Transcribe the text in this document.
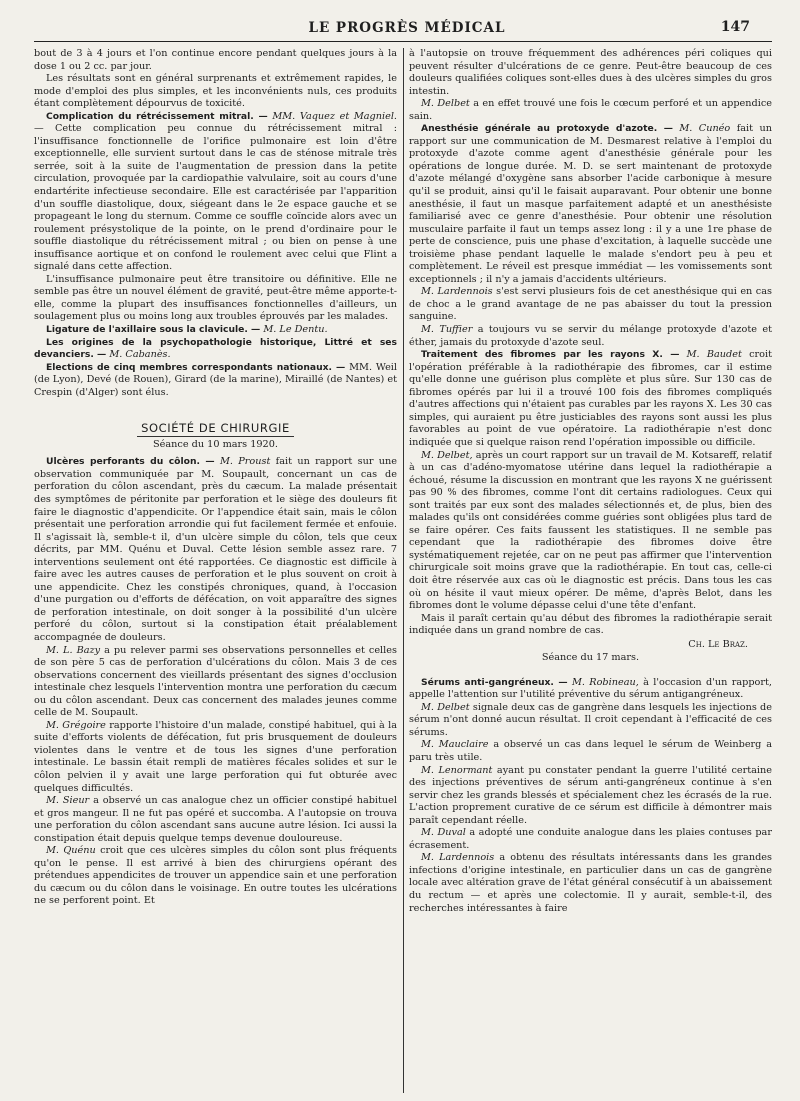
LE PROGRÈS MÉDICAL	147

bout de 3 à 4 jours et l'on continue encore pendant quelques jours à la dose 1 ou 2 cc. par jour.

Les résultats sont en général surprenants et extrêmement rapides, le mode d'emploi des plus simples, et les inconvénients nuls, ces produits étant complètement dépourvus de toxicité.

Complication du rétrécissement mitral. — MM. Vaquez et Magniel. — Cette complication peu connue du rétrécissement mitral : l'insuffisance fonctionnelle de l'orifice pulmonaire est loin d'être exceptionnelle, elle survient surtout dans le cas de sténose mitrale très serrée, soit à la suite de l'augmentation de pression dans la petite circulation, provoquée par la cardiopathie valvulaire, soit au cours d'une endartérite infectieuse secondaire. Elle est caractérisée par l'apparition d'un souffle diastolique, doux, siégeant dans le 2e espace gauche et se propageant le long du sternum. Comme ce souffle coïncide alors avec un roulement présystolique de la pointe, on le prend d'ordinaire pour le souffle diastolique du rétrécissement mitral ; ou bien on pense à une insuffisance aortique et on confond le roulement avec celui que Flint a signalé dans cette affection.

L'insuffisance pulmonaire peut être transitoire ou définitive. Elle ne semble pas être un nouvel élément de gravité, peut-être même apporte-t-elle, comme la plupart des insuffisances fonctionnelles d'ailleurs, un soulagement plus ou moins long aux troubles éprouvés par les malades.

Ligature de l'axillaire sous la clavicule. — M. Le Dentu.

Les origines de la psychopathologie historique, Littré et ses devanciers. — M. Cabanès.

Elections de cinq membres correspondants nationaux. — MM. Weil (de Lyon), Devé (de Rouen), Girard (de la marine), Miraillé (de Nantes) et Crespin (d'Alger) sont élus.

SOCIÉTÉ DE CHIRURGIE
Séance du 10 mars 1920.

Ulcères perforants du côlon. — M. Proust fait un rapport sur une observation communiquée par M. Soupault, concernant un cas de perforation du côlon ascendant, près du cæcum. La malade présentait des symptômes de péritonite par perforation et le siège des douleurs fit faire le diagnostic d'appendicite. Or l'appendice était sain, mais le côlon présentait une perforation arrondie qui fut facilement fermée et enfouie. Il s'agissait là, semble-t il, d'un ulcère simple du côlon, tels que ceux décrits, par MM. Quénu et Duval. Cette lésion semble assez rare. 7 interventions seulement ont été rapportées. Ce diagnostic est difficile à faire avec les autres causes de perforation et le plus souvent on croit à une appendicite. Chez les constipés chroniques, quand, à l'occasion d'une purgation ou d'efforts de défécation, on voit apparaître des signes de perforation intestinale, on doit songer à la possibilité d'un ulcère perforé du côlon, surtout si la constipation était préalablement accompagnée de douleurs.

M. L. Bazy a pu relever parmi ses observations personnelles et celles de son père 5 cas de perforation d'ulcérations du côlon. Mais 3 de ces observations concernent des vieillards présentant des signes d'occlusion intestinale chez lesquels l'intervention montra une perforation du cæcum ou du côlon ascendant. Deux cas concernent des malades jeunes comme celle de M. Soupault.

M. Grégoire rapporte l'histoire d'un malade, constipé habituel, qui à la suite d'efforts violents de défécation, fut pris brusquement de douleurs violentes dans le ventre et de tous les signes d'une perforation intestinale. Le bassin était rempli de matières fécales solides et sur le côlon pelvien il y avait une large perforation qui fut obturée avec quelques difficultés.

M. Sieur a observé un cas analogue chez un officier constipé habituel et gros mangeur. Il ne fut pas opéré et succomba. A l'autopsie on trouva une perforation du côlon ascendant sans aucune autre lésion. Ici aussi la constipation était depuis quelque temps devenue douloureuse.

M. Quénu croit que ces ulcères simples du côlon sont plus fréquents qu'on le pense. Il est arrivé à bien des chirurgiens opérant des prétendues appendicites de trouver un appendice sain et une perforation du cæcum ou du côlon dans le voisinage. En outre toutes les ulcérations ne se perforent point. Et

à l'autopsie on trouve fréquemment des adhérences péri coliques qui peuvent résulter d'ulcérations de ce genre. Peut-être beaucoup de ces douleurs qualifiées coliques sont-elles dues à des ulcères simples du gros intestin.

M. Delbet a en effet trouvé une fois le cœcum perforé et un appendice sain.

Anesthésie générale au protoxyde d'azote. — M. Cunéo fait un rapport sur une communication de M. Desmarest relative à l'emploi du protoxyde d'azote comme agent d'anesthésie générale pour les opérations de longue durée. M. D. se sert maintenant de protoxyde d'azote mélangé d'oxygène sans absorber l'acide carbonique à mesure qu'il se produit, ainsi qu'il le faisait auparavant. Pour obtenir une bonne anesthésie, il faut un masque parfaitement adapté et un anesthésiste familiarisé avec ce genre d'anesthésie. Pour obtenir une résolution musculaire parfaite il faut un temps assez long : il y a une 1re phase de perte de conscience, puis une phase d'excitation, à laquelle succède une troisième phase pendant laquelle le malade s'endort peu à peu et complètement. Le réveil est presque immédiat — les vomissements sont exceptionnels ; il n'y a jamais d'accidents ultérieurs.

M. Lardennois s'est servi plusieurs fois de cet anesthésique qui en cas de choc a le grand avantage de ne pas abaisser du tout la pression sanguine.

M. Tuffier a toujours vu se servir du mélange protoxyde d'azote et éther, jamais du protoxyde d'azote seul.

Traitement des fibromes par les rayons X. — M. Baudet croit l'opération préférable à la radiothérapie des fibromes, car il estime qu'elle donne une guérison plus complète et plus sûre. Sur 130 cas de fibromes opérés par lui il a trouvé 100 fois des fibromes compliqués d'autres affections qui n'étaient pas curables par les rayons X. Les 30 cas simples, qui auraient pu être justiciables des rayons sont aussi les plus favorables au point de vue opératoire. La radiothérapie n'est donc indiquée que si quelque raison rend l'opération impossible ou difficile.

M. Delbet, après un court rapport sur un travail de M. Kotsareff, relatif à un cas d'adéno-myomatose utérine dans lequel la radiothérapie a échoué, résume la discussion en montrant que les rayons X ne guérissent pas 90 % des fibromes, comme l'ont dit certains radiologues. Ceux qui sont traités par eux sont des malades sélectionnés et, de plus, bien des malades qu'ils ont considérées comme guéries sont obligées plus tard de se faire opérer. Ces faits faussent les statistiques. Il ne semble pas cependant que la radiothérapie des fibromes doive être systématiquement rejetée, car on ne peut pas affirmer que l'intervention chirurgicale soit moins grave que la radiothérapie. En tout cas, celle-ci doit être réservée aux cas où le diagnostic est précis. Dans tous les cas où on hésite il vaut mieux opérer. De même, d'après Belot, dans les fibromes dont le volume dépasse celui d'une tête d'enfant.

Mais il paraît certain qu'au début des fibromes la radiothérapie serait indiquée dans un grand nombre de cas.

Ch. Le Braz.
Séance du 17 mars.

Sérums anti-gangréneux. — M. Robineau, à l'occasion d'un rapport, appelle l'attention sur l'utilité préventive du sérum antigangréneux.

M. Delbet signale deux cas de gangrène dans lesquels les injections de sérum n'ont donné aucun résultat. Il croit cependant à l'efficacité de ces sérums.

M. Mauclaire a observé un cas dans lequel le sérum de Weinberg a paru très utile.

M. Lenormant ayant pu constater pendant la guerre l'utilité certaine des injections préventives de sérum anti-gangréneux continue à s'en servir chez les grands blessés et spécialement chez les écrasés de la rue. L'action proprement curative de ce sérum est difficile à démontrer mais paraît cependant réelle.

M. Duval a adopté une conduite analogue dans les plaies contuses par écrasement.

M. Lardennois a obtenu des résultats intéressants dans les grandes infections d'origine intestinale, en particulier dans un cas de gangrène locale avec altération grave de l'état général consécutif à un abaissement du rectum — et après une colectomie. Il y aurait, semble-t-il, des recherches intéressantes à faire
